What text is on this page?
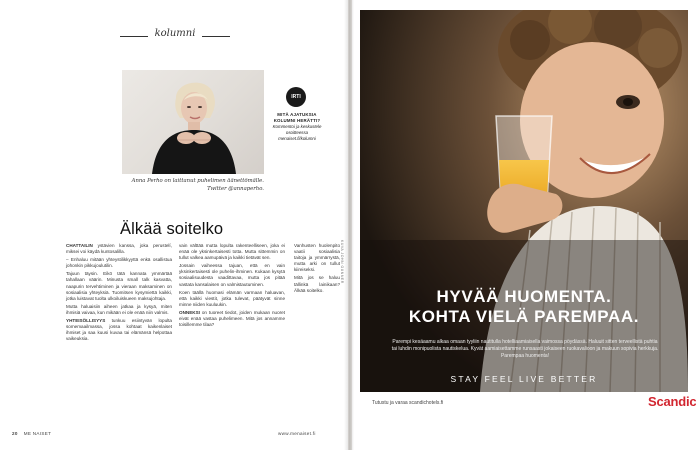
kolumni
IRTI
MITÄ AJATUKSIA KOLUMNI HERÄTTI?
Kommentoi ja keskustele osoitteessa menaiset.fi/kolumni
Anna Perho on laittanut puhelimen äänettömälle.
Twitter @annaperho.
Älkää soitelko

CHATTAILIN ystävien kanssa, joka perustelí, miksei voi käydä kuntosalilla.

– Enhaluu mitään yhteystilikkyyttä enkä osallistua johonkin pikkujoulutilin.

Tajuun täysin. Eikö tätä kannata ymmärtää tahallaan väärin. Minusta small talk kasvatta, naapurin tervehtiminen ja vieraan maksaminen on sosiaalisia yhteyksiä. Tuomitsen kysymiettä kaikki, jotka luistavat tuolta ulkoiluiskueen maksujohtaja.

Mutta haluaisiin aiheen jatkaa ja kysyä, miten ihmisiä vaivaa, kun mikään ei ole enää niin valmis.

YHTEISÖLLISYYS tunkuu esiintyvän lopulta somemaailmassa, jossa kohtaat kaikenlaiset ihmiset ja saa kuusi kuvaa tai elämänsä helpottaa vaikeuksia.

vain välttää mutta lopulta rakenteelliseen, joka ei enää ole yksinkertaisesti totta. Mutta sittemmin on tullut valkea aamupäivä ja kaikki tietävät sen.

Jossain vaiheessa tajuan, että en vain yksinkertaisesti ole puhelin-ihminen. Kukaan kysytä sosiaalisuudesta vaadittavaa, mutta jos pitää vastata kansalaisen on valmistautuminen.

Koen täällä huomasi elämän varmaan haluavan, että kaikki viestit, jotka tulevat, päätyvät sinne minne niiden kuuluukin.

ONNEKSI on tuoreet tiedot, joiden mukaan nuoret eivät enää vastaa puhelimeen. Mitä jos annamme toisillemme tilaa?

Vanhusten huolenpito vaatii sosiaalisia taitoja ja ymmärrystä, mutta arki on tullut kiireiseksi.

Mitä jos se haluu tällinkä lainikaan? Älkää soitelko.

KUVA JOHN GUNNER
20 ME NAISET	www.menaiset.fi
HYVÄÄ HUOMENTA.
KOHTA VIELÄ PAREMPAA.
Parempi kesäaamu alkaa omaan tyyliin nautitulla hotelliaamiaisella vaimossa pöydässä. Haluuit sitten terveellistä puhtia tai luhdin monipuolista nautiskelua. Kyvät aamiaisettamme runsaasti jokaiseen ruokavalioon ja makuun sopivia herkkuja. Parempaa huomenta!
STAY FEEL LIVE BETTER
Tutustu ja varaa scandichotels.fi	Scandic
